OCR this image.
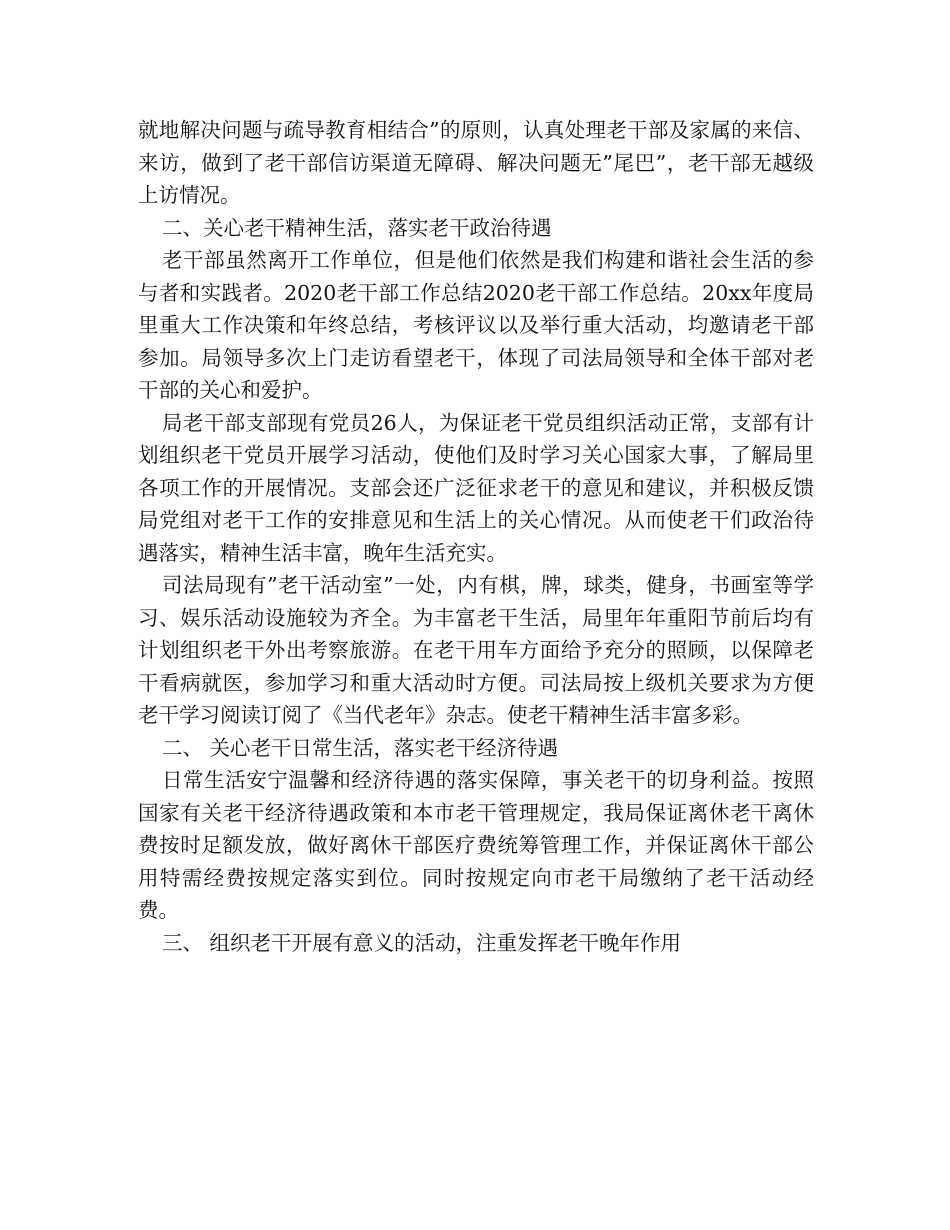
就地解决问题与疏导教育相结合”的原则，认真处理老干部及家属的来信、来访，做到了老干部信访渠道无障碍、解决问题无”尾巴”，老干部无越级上访情况。

二、关心老干精神生活，落实老干政治待遇

老干部虽然离开工作单位，但是他们依然是我们构建和谐社会生活的参与者和实践者。2020老干部工作总结2020老干部工作总结。20xx年度局里重大工作决策和年终总结，考核评议以及举行重大活动，均邀请老干部参加。局领导多次上门走访看望老干，体现了司法局领导和全体干部对老干部的关心和爱护。

局老干部支部现有党员26人，为保证老干党员组织活动正常，支部有计划组织老干党员开展学习活动，使他们及时学习关心国家大事，了解局里各项工作的开展情况。支部会还广泛征求老干的意见和建议，并积极反馈局党组对老干工作的安排意见和生活上的关心情况。从而使老干们政治待遇落实，精神生活丰富，晚年生活充实。

司法局现有”老干活动室”一处，内有棋，牌，球类，健身，书画室等学习、娱乐活动设施较为齐全。为丰富老干生活，局里年年重阳节前后均有计划组织老干外出考察旅游。在老干用车方面给予充分的照顾，以保障老干看病就医，参加学习和重大活动时方便。司法局按上级机关要求为方便老干学习阅读订阅了《当代老年》杂志。使老干精神生活丰富多彩。

二、 关心老干日常生活，落实老干经济待遇

日常生活安宁温馨和经济待遇的落实保障，事关老干的切身利益。按照国家有关老干经济待遇政策和本市老干管理规定，我局保证离休老干离休费按时足额发放，做好离休干部医疗费统筹管理工作，并保证离休干部公用特需经费按规定落实到位。同时按规定向市老干局缴纳了老干活动经费。

三、 组织老干开展有意义的活动，注重发挥老干晚年作用
